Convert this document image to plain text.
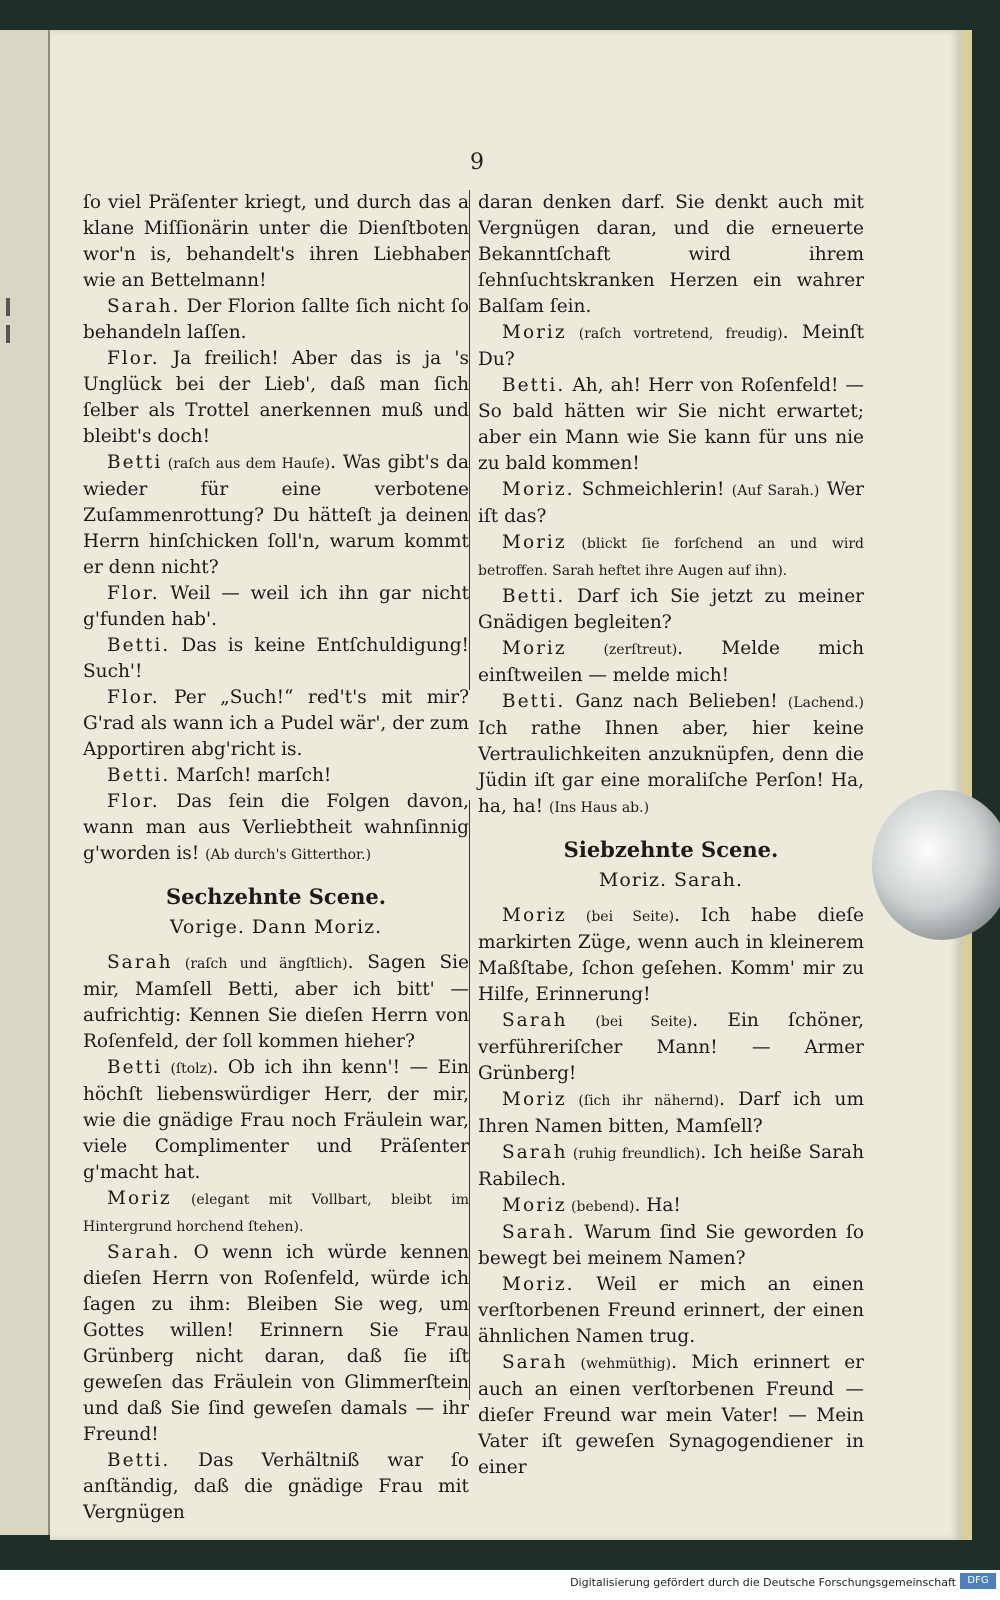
9

ſo viel Präſenter kriegt, und durch das a klane Miſſionärin unter die Dienſtboten wor'n is, behandelt's ihren Liebhaber wie an Bettelmann!

Sarah. Der Florion ſallte ſich nicht ſo behandeln laſſen.

Flor. Ja freilich! Aber das is ja 's Unglück bei der Lieb', daß man ſich ſelber als Trottel anerkennen muß und bleibt's doch!

Betti (raſch aus dem Hauſe). Was gibt's da wieder für eine verbotene Zuſammenrottung? Du hätteſt ja deinen Herrn hinſchicken ſoll'n, warum kommt er denn nicht?

Flor. Weil — weil ich ihn gar nicht g'funden hab'.

Betti. Das is keine Entſchuldigung! Such'!

Flor. Per „Such!“ red't's mit mir? G'rad als wann ich a Pudel wär', der zum Apportiren abg'richt is.

Betti. Marſch! marſch!

Flor. Das ſein die Folgen davon, wann man aus Verliebtheit wahnſinnig g'worden is! (Ab durch's Gitterthor.)

Sechzehnte Scene.
Vorige. Dann Moriz.

Sarah (raſch und ängſtlich). Sagen Sie mir, Mamſell Betti, aber ich bitt' — aufrichtig: Kennen Sie dieſen Herrn von Roſenfeld, der ſoll kommen hieher?

Betti (ſtolz). Ob ich ihn kenn'! — Ein höchſt liebenswürdiger Herr, der mir, wie die gnädige Frau noch Fräulein war, viele Complimenter und Präſenter g'macht hat.

Moriz (elegant mit Vollbart, bleibt im Hintergrund horchend ſtehen).

Sarah. O wenn ich würde kennen dieſen Herrn von Roſenfeld, würde ich ſagen zu ihm: Bleiben Sie weg, um Gottes willen! Erinnern Sie Frau Grünberg nicht daran, daß ſie iſt geweſen das Fräulein von Glimmerſtein und daß Sie ſind geweſen damals — ihr Freund!

Betti. Das Verhältniß war ſo anſtändig, daß die gnädige Frau mit Vergnügen

daran denken darf. Sie denkt auch mit Vergnügen daran, und die erneuerte Bekanntſchaft wird ihrem ſehnſuchtskranken Herzen ein wahrer Balſam ſein.

Moriz (raſch vortretend, freudig). Meinſt Du?

Betti. Ah, ah! Herr von Roſenfeld! — So bald hätten wir Sie nicht erwartet; aber ein Mann wie Sie kann für uns nie zu bald kommen!

Moriz. Schmeichlerin! (Auf Sarah.) Wer iſt das?

Moriz (blickt ſie forſchend an und wird betroffen. Sarah heftet ihre Augen auf ihn).

Betti. Darf ich Sie jetzt zu meiner Gnädigen begleiten?

Moriz (zerſtreut). Melde mich einſtweilen — melde mich!

Betti. Ganz nach Belieben! (Lachend.) Ich rathe Ihnen aber, hier keine Vertraulichkeiten anzuknüpfen, denn die Jüdin iſt gar eine moraliſche Perſon! Ha, ha, ha! (Ins Haus ab.)

Siebzehnte Scene.
Moriz. Sarah.

Moriz (bei Seite). Ich habe dieſe markirten Züge, wenn auch in kleinerem Maßſtabe, ſchon geſehen. Komm' mir zu Hilfe, Erinnerung!

Sarah (bei Seite). Ein ſchöner, verführeriſcher Mann! — Armer Grünberg!

Moriz (ſich ihr nähernd). Darf ich um Ihren Namen bitten, Mamſell?

Sarah (ruhig freundlich). Ich heiße Sarah Rabilech.

Moriz (bebend). Ha!

Sarah. Warum ſind Sie geworden ſo bewegt bei meinem Namen?

Moriz. Weil er mich an einen verſtorbenen Freund erinnert, der einen ähnlichen Namen trug.

Sarah (wehmüthig). Mich erinnert er auch an einen verſtorbenen Freund — dieſer Freund war mein Vater! — Mein Vater iſt geweſen Synagogendiener in einer

Digitalisierung gefördert durch die Deutsche Forschungsgemeinschaft	DFG
